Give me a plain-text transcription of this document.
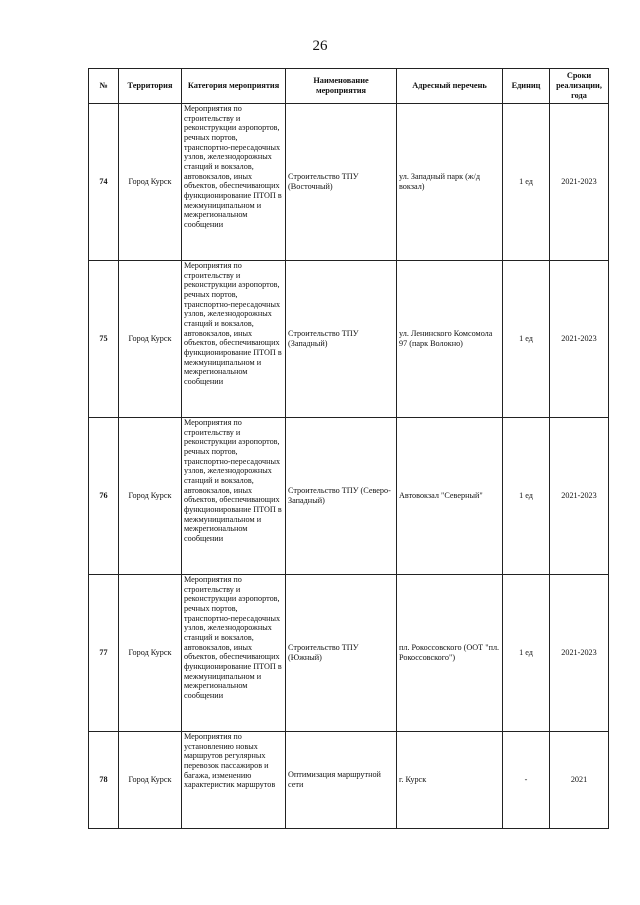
26
№	Территория	Категория мероприятия	Наименование мероприятия	Адресный перечень	Единиц	Сроки реализации, года
74	Город Курск	Мероприятия по строительству и реконструкции аэропортов, речных портов, транспортно-пересадочных узлов, железнодорожных станций и вокзалов, автовокзалов, иных объектов, обеспечивающих функционирование ПТОП в межмуниципальном и межрегиональном сообщении	Строительство ТПУ (Восточный)	ул. Западный парк (ж/д вокзал)	1 ед	2021-2023
75	Город Курск	Мероприятия по строительству и реконструкции аэропортов, речных портов, транспортно-пересадочных узлов, железнодорожных станций и вокзалов, автовокзалов, иных объектов, обеспечивающих функционирование ПТОП в межмуниципальном и межрегиональном сообщении	Строительство ТПУ (Западный)	ул. Ленинского Комсомола 97 (парк Волокно)	1 ед	2021-2023
76	Город Курск	Мероприятия по строительству и реконструкции аэропортов, речных портов, транспортно-пересадочных узлов, железнодорожных станций и вокзалов, автовокзалов, иных объектов, обеспечивающих функционирование ПТОП в межмуниципальном и межрегиональном сообщении	Строительство ТПУ (Северо-Западный)	Автовокзал "Северный"	1 ед	2021-2023
77	Город Курск	Мероприятия по строительству и реконструкции аэропортов, речных портов, транспортно-пересадочных узлов, железнодорожных станций и вокзалов, автовокзалов, иных объектов, обеспечивающих функционирование ПТОП в межмуниципальном и межрегиональном сообщении	Строительство ТПУ (Южный)	пл. Рокоссовского (ООТ "пл. Рокоссовского")	1 ед	2021-2023
78	Город Курск	Мероприятия по установлению новых маршрутов регулярных перевозок пассажиров и багажа, изменению характеристик маршрутов	Оптимизация маршрутной сети	г. Курск	-	2021
